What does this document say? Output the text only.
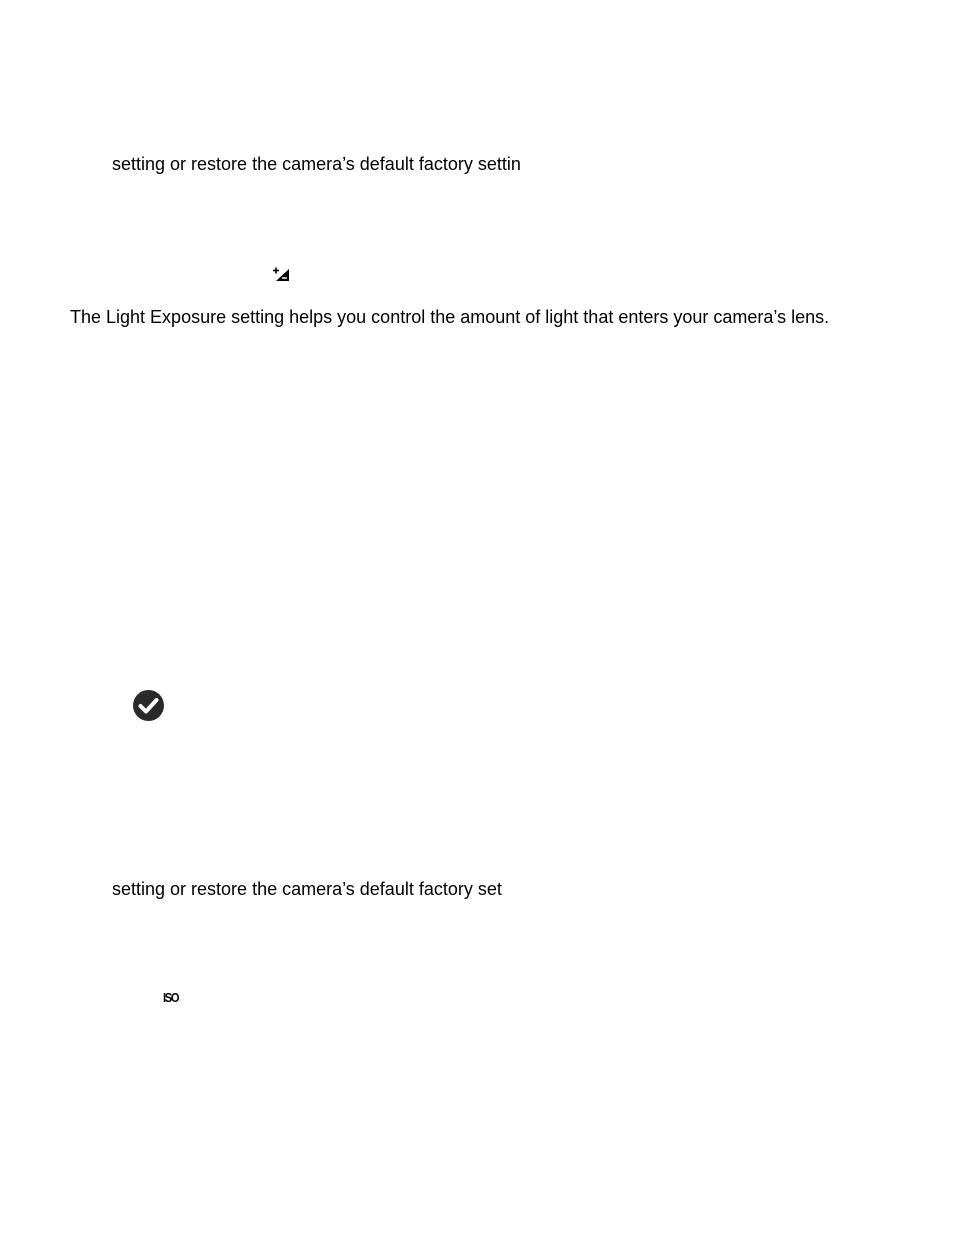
setting or restore the camera’s default factory settin
The Light Exposure setting helps you control the amount of light that enters your camera’s lens.
setting or restore the camera’s default factory set
ISO
